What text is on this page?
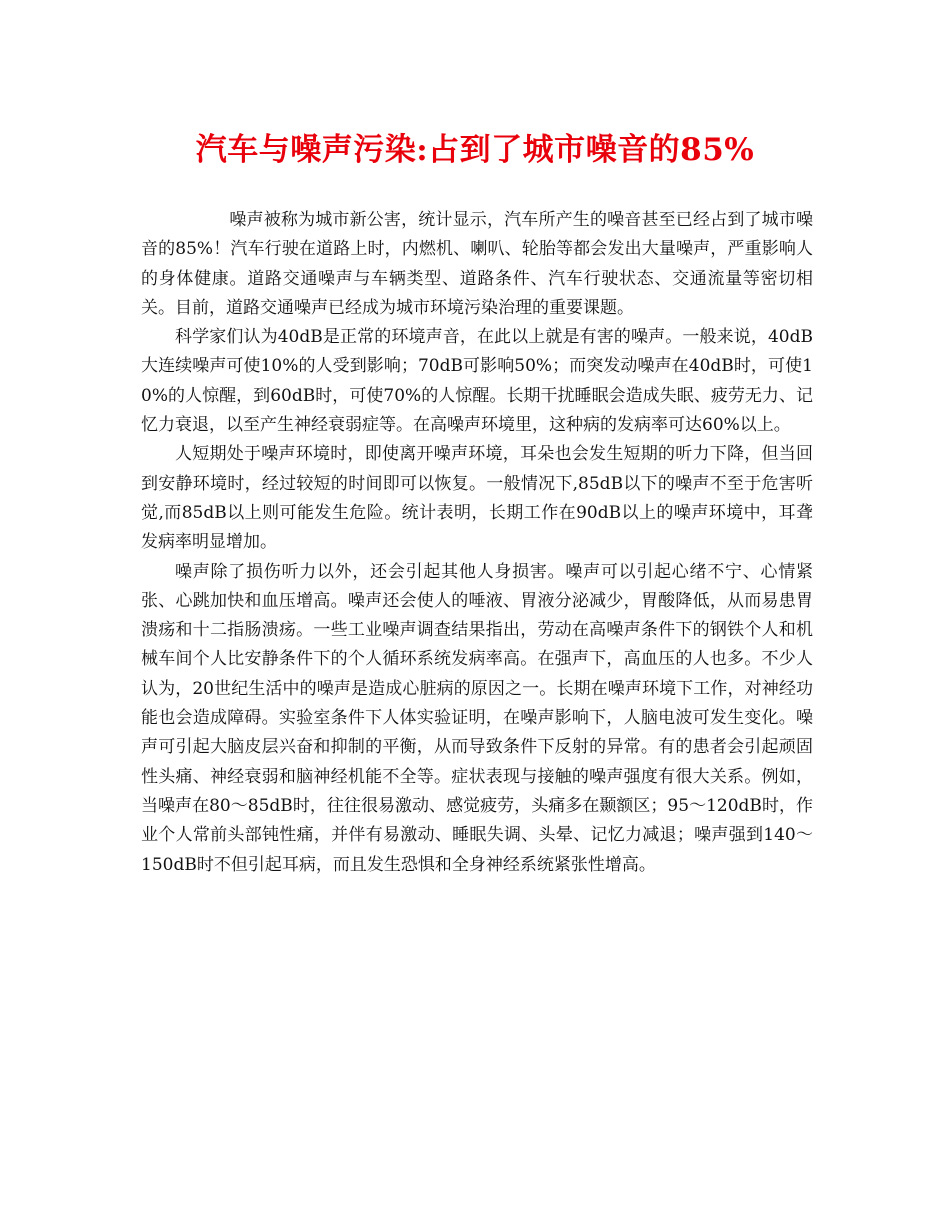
汽车与噪声污染:占到了城市噪音的85%

噪声被称为城市新公害，统计显示，汽车所产生的噪音甚至已经占到了城市噪音的85%！汽车行驶在道路上时，内燃机、喇叭、轮胎等都会发出大量噪声，严重影响人的身体健康。道路交通噪声与车辆类型、道路条件、汽车行驶状态、交通流量等密切相关。目前，道路交通噪声已经成为城市环境污染治理的重要课题。

科学家们认为40dB是正常的环境声音，在此以上就是有害的噪声。一般来说，40dB大连续噪声可使10%的人受到影响；70dB可影响50%；而突发动噪声在40dB时，可使10%的人惊醒，到60dB时，可使70%的人惊醒。长期干扰睡眠会造成失眠、疲劳无力、记忆力衰退，以至产生神经衰弱症等。在高噪声环境里，这种病的发病率可达60%以上。

人短期处于噪声环境时，即使离开噪声环境，耳朵也会发生短期的听力下降，但当回到安静环境时，经过较短的时间即可以恢复。一般情况下,85dB以下的噪声不至于危害听觉,而85dB以上则可能发生危险。统计表明，长期工作在90dB以上的噪声环境中，耳聋发病率明显增加。

噪声除了损伤听力以外，还会引起其他人身损害。噪声可以引起心绪不宁、心情紧张、心跳加快和血压增高。噪声还会使人的唾液、胃液分泌减少，胃酸降低，从而易患胃溃疡和十二指肠溃疡。一些工业噪声调查结果指出，劳动在高噪声条件下的钢铁个人和机械车间个人比安静条件下的个人循环系统发病率高。在强声下，高血压的人也多。不少人认为，20世纪生活中的噪声是造成心脏病的原因之一。长期在噪声环境下工作，对神经功能也会造成障碍。实验室条件下人体实验证明，在噪声影响下，人脑电波可发生变化。噪声可引起大脑皮层兴奋和抑制的平衡，从而导致条件下反射的异常。有的患者会引起顽固性头痛、神经衰弱和脑神经机能不全等。症状表现与接触的噪声强度有很大关系。例如，当噪声在80～85dB时，往往很易激动、感觉疲劳，头痛多在颞额区；95～120dB时，作业个人常前头部钝性痛，并伴有易激动、睡眠失调、头晕、记忆力减退；噪声强到140～150dB时不但引起耳病，而且发生恐惧和全身神经系统紧张性增高。
